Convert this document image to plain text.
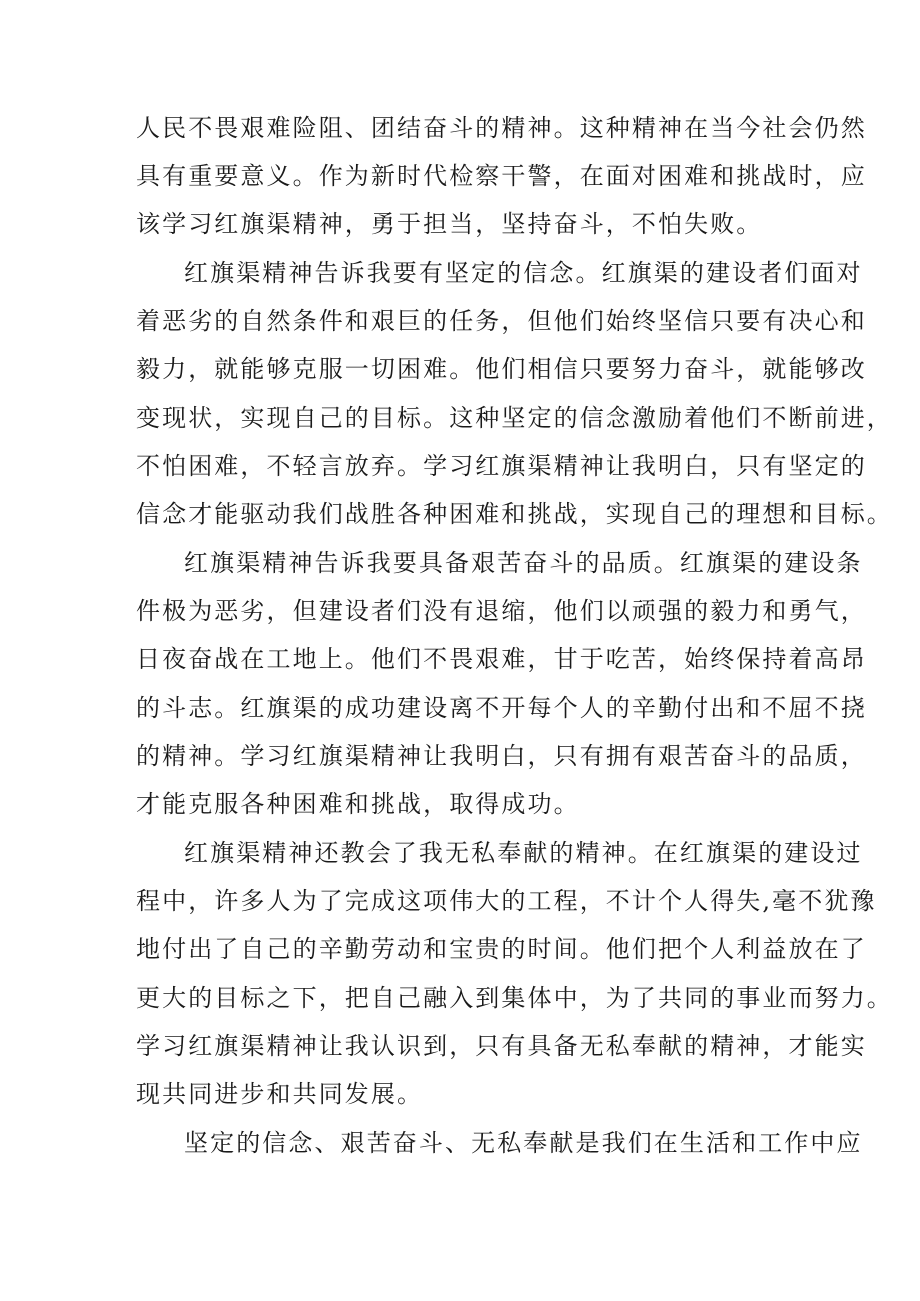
人民不畏艰难险阻、团结奋斗的精神。这种精神在当今社会仍然
具有重要意义。作为新时代检察干警，在面对困难和挑战时，应
该学习红旗渠精神，勇于担当，坚持奋斗，不怕失败。
红旗渠精神告诉我要有坚定的信念。红旗渠的建设者们面对
着恶劣的自然条件和艰巨的任务，但他们始终坚信只要有决心和
毅力，就能够克服一切困难。他们相信只要努力奋斗，就能够改
变现状，实现自己的目标。这种坚定的信念激励着他们不断前进，
不怕困难，不轻言放弃。学习红旗渠精神让我明白，只有坚定的
信念才能驱动我们战胜各种困难和挑战，实现自己的理想和目标。
红旗渠精神告诉我要具备艰苦奋斗的品质。红旗渠的建设条
件极为恶劣，但建设者们没有退缩，他们以顽强的毅力和勇气，
日夜奋战在工地上。他们不畏艰难，甘于吃苦，始终保持着高昂
的斗志。红旗渠的成功建设离不开每个人的辛勤付出和不屈不挠
的精神。学习红旗渠精神让我明白，只有拥有艰苦奋斗的品质，
才能克服各种困难和挑战，取得成功。
红旗渠精神还教会了我无私奉献的精神。在红旗渠的建设过
程中，许多人为了完成这项伟大的工程，不计个人得失,毫不犹豫
地付出了自己的辛勤劳动和宝贵的时间。他们把个人利益放在了
更大的目标之下，把自己融入到集体中，为了共同的事业而努力。
学习红旗渠精神让我认识到，只有具备无私奉献的精神，才能实
现共同进步和共同发展。
坚定的信念、艰苦奋斗、无私奉献是我们在生活和工作中应
